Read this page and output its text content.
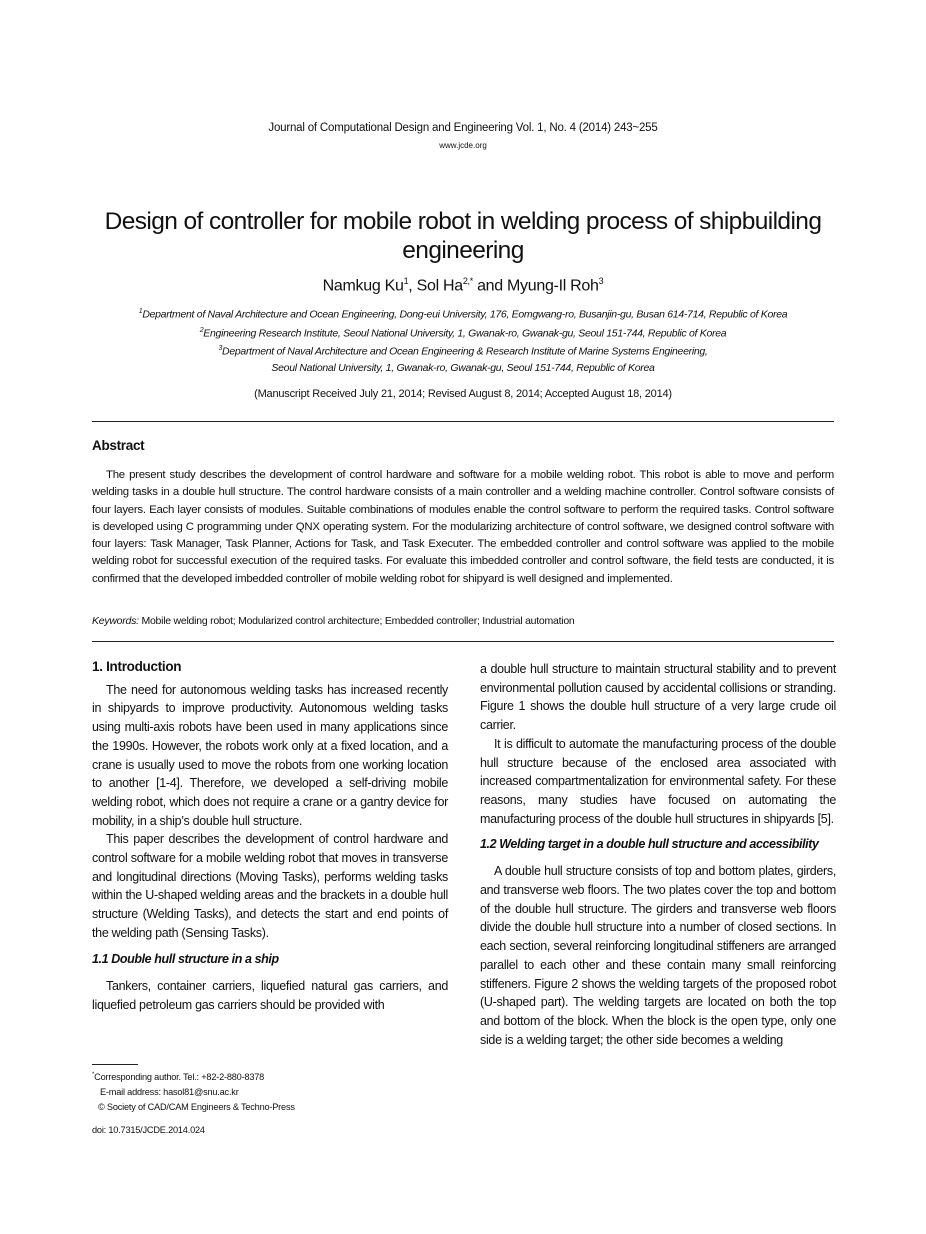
Journal of Computational Design and Engineering Vol. 1, No. 4 (2014) 243~255
www.jcde.org
Design of controller for mobile robot in welding process of shipbuilding engineering
Namkug Ku$^1$, Sol $Ha^{2,*}$ and Myung-Il Roh$^3$
$^1$Department of Naval Architecture and Ocean Engineering, Dong-eui University, 176, Eomgwang-ro, Busanjin-gu, Busan 614-714, Republic of Korea
$^2$Engineering Research Institute, Seoul National University, 1, Gwanak-ro, Gwanak-gu, Seoul 151-744, Republic of Korea
$^3$Department of Naval Architecture and Ocean Engineering & Research Institute of Marine Systems Engineering,
Seoul National University, 1, Gwanak-ro, Gwanak-gu, Seoul 151-744, Republic of Korea
(Manuscript Received July 21, 2014; Revised August 8, 2014; Accepted August 18, 2014)
Abstract

The present study describes the development of control hardware and software for a mobile welding robot. This robot is able to move and perform welding tasks in a double hull structure. The control hardware consists of a main controller and a welding machine controller. Control software consists of four layers. Each layer consists of modules. Suitable combinations of modules enable the control software to perform the required tasks. Control software is developed using C programming under QNX operating system. For the modularizing architecture of control software, we designed control software with four layers: Task Manager, Task Planner, Actions for Task, and Task Executer. The embedded controller and control software was applied to the mobile welding robot for successful execution of the required tasks. For evaluate this imbedded controller and control software, the field tests are conducted, it is confirmed that the developed imbedded controller of mobile welding robot for shipyard is well designed and implemented.

Keywords: Mobile welding robot; Modularized control architecture; Embedded controller; Industrial automation
1. Introduction

The need for autonomous welding tasks has increased recently in shipyards to improve productivity. Autonomous welding tasks using multi-axis robots have been used in many applications since the 1990s. However, the robots work only at a fixed location, and a crane is usually used to move the robots from one working location to another [1-4]. Therefore, we developed a self-driving mobile welding robot, which does not require a crane or a gantry device for mobility, in a ship’s double hull structure.

This paper describes the development of control hardware and control software for a mobile welding robot that moves in transverse and longitudinal directions (Moving Tasks), performs welding tasks within the U-shaped welding areas and the brackets in a double hull structure (Welding Tasks), and detects the start and end points of the welding path (Sensing Tasks).

1.1 Double hull structure in a ship

Tankers, container carriers, liquefied natural gas carriers, and liquefied petroleum gas carriers should be provided with

a double hull structure to maintain structural stability and to prevent environmental pollution caused by accidental collisions or stranding. Figure 1 shows the double hull structure of a very large crude oil carrier.

It is difficult to automate the manufacturing process of the double hull structure because of the enclosed area associated with increased compartmentalization for environmental safety. For these reasons, many studies have focused on automating the manufacturing process of the double hull structures in shipyards [5].

1.2 Welding target in a double hull structure and accessibility

A double hull structure consists of top and bottom plates, girders, and transverse web floors. The two plates cover the top and bottom of the double hull structure. The girders and transverse web floors divide the double hull structure into a number of closed sections. In each section, several reinforcing longitudinal stiffeners are arranged parallel to each other and these contain many small reinforcing stiffeners. Figure 2 shows the welding targets of the proposed robot (U-shaped part). The welding targets are located on both the top and bottom of the block. When the block is the open type, only one side is a welding target; the other side becomes a welding

*Corresponding author. Tel.: +82-2-880-8378
E-mail address: hasol81@snu.ac.kr
© Society of CAD/CAM Engineers & Techno-Press
doi: 10.7315/JCDE.2014.024
